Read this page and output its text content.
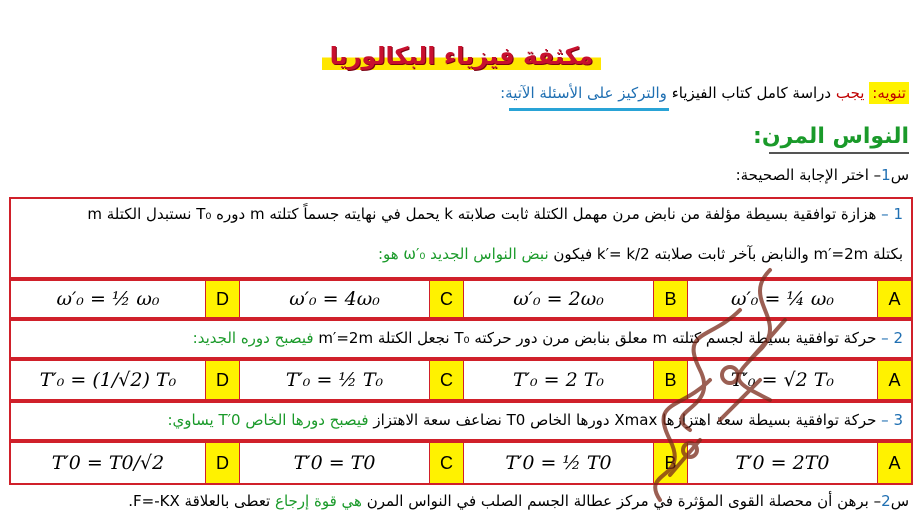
مكثفة فيزياء البكالوريا
تنويه: يجب دراسة كامل كتاب الفيزياء والتركيز على الأسئلة الآتية:
النواس المرن:
س1– اختر الإجابة الصحيحة:
1 – هزازة توافقية بسيطة مؤلفة من نابض مرن مهمل الكتلة ثابت صلابته k يحمل في نهايته جسماً كتلته m دوره T₀ نستبدل الكتلة m
بكتلة m′=2m والنابض بآخر ثابت صلابته k′= k/2 فيكون نبض النواس الجديد ω′₀ هو:
A
ω′₀ = ¼ ω₀
B
ω′₀ = 2ω₀
C
ω′₀ = 4ω₀
D
ω′₀ = ½ ω₀
2 – حركة توافقية بسيطة لجسم كتلته m معلق بنابض مرن دور حركته T₀ نجعل الكتلة m′=2m فيصبح دوره الجديد:
A
T′₀ = √2 T₀
B
T′₀ = 2 T₀
C
T′₀ = ½ T₀
D
T′₀ = (1/√2) T₀
3 – حركة توافقية بسيطة سعة اهتزازها Xmax دورها الخاص T0 نضاعف سعة الاهتزاز فيصبح دورها الخاص T′0 يساوي:
A
T′0 = 2T0
B
T′0 = ½ T0
C
T′0 = T0
D
T′0 = T0/√2
س2– برهن أن محصلة القوى المؤثرة في مركز عطالة الجسم الصلب في النواس المرن هي قوة إرجاع تعطى بالعلاقة F=-KX.
